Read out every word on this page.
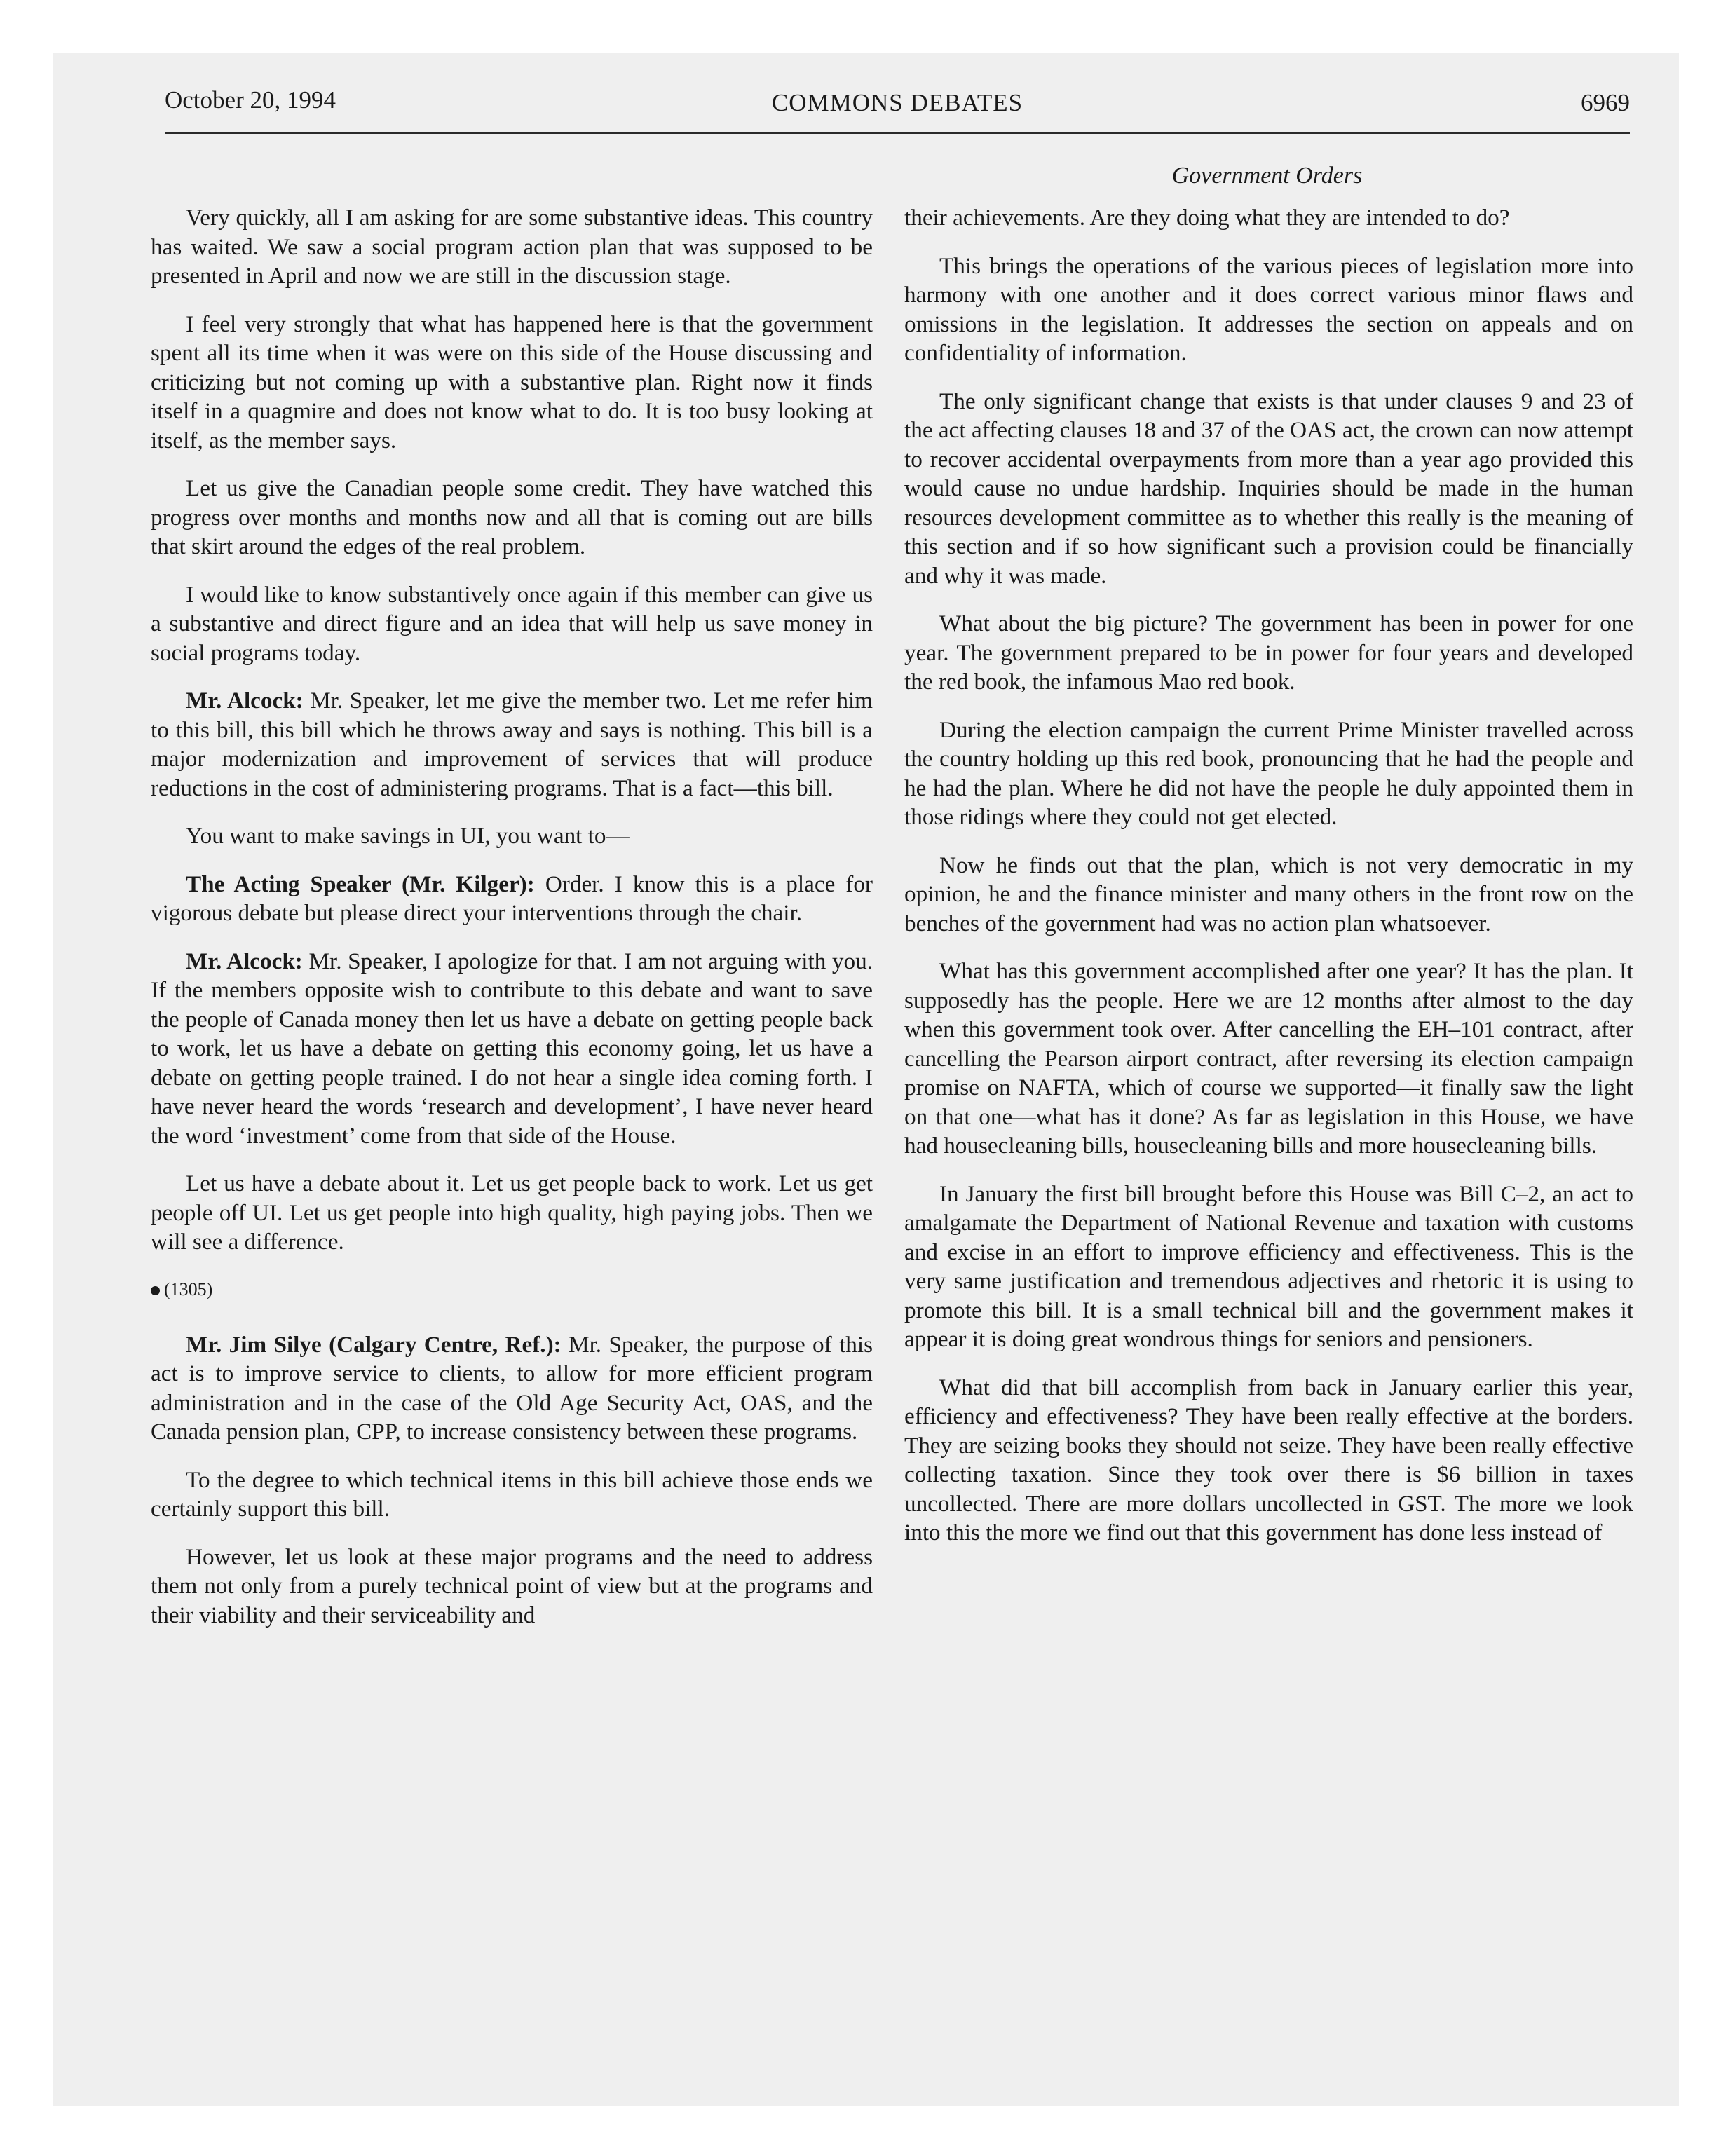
October 20, 1994	COMMONS DEBATES	6969
Government Orders

Very quickly, all I am asking for are some substantive ideas. This country has waited. We saw a social program action plan that was supposed to be presented in April and now we are still in the discussion stage.

I feel very strongly that what has happened here is that the government spent all its time when it was were on this side of the House discussing and criticizing but not coming up with a substantive plan. Right now it finds itself in a quagmire and does not know what to do. It is too busy looking at itself, as the member says.

Let us give the Canadian people some credit. They have watched this progress over months and months now and all that is coming out are bills that skirt around the edges of the real problem.

I would like to know substantively once again if this member can give us a substantive and direct figure and an idea that will help us save money in social programs today.

Mr. Alcock: Mr. Speaker, let me give the member two. Let me refer him to this bill, this bill which he throws away and says is nothing. This bill is a major modernization and improvement of services that will produce reductions in the cost of administering programs. That is a fact—this bill.

You want to make savings in UI, you want to—

The Acting Speaker (Mr. Kilger): Order. I know this is a place for vigorous debate but please direct your interventions through the chair.

Mr. Alcock: Mr. Speaker, I apologize for that. I am not arguing with you. If the members opposite wish to contribute to this debate and want to save the people of Canada money then let us have a debate on getting people back to work, let us have a debate on getting this economy going, let us have a debate on getting people trained. I do not hear a single idea coming forth. I have never heard the words ‘research and development’, I have never heard the word ‘investment’ come from that side of the House.

Let us have a debate about it. Let us get people back to work. Let us get people off UI. Let us get people into high quality, high paying jobs. Then we will see a difference.

(1305)

Mr. Jim Silye (Calgary Centre, Ref.): Mr. Speaker, the purpose of this act is to improve service to clients, to allow for more efficient program administration and in the case of the Old Age Security Act, OAS, and the Canada pension plan, CPP, to increase consistency between these programs.

To the degree to which technical items in this bill achieve those ends we certainly support this bill.

However, let us look at these major programs and the need to address them not only from a purely technical point of view but at the programs and their viability and their serviceability and

their achievements. Are they doing what they are intended to do?

This brings the operations of the various pieces of legislation more into harmony with one another and it does correct various minor flaws and omissions in the legislation. It addresses the section on appeals and on confidentiality of information.

The only significant change that exists is that under clauses 9 and 23 of the act affecting clauses 18 and 37 of the OAS act, the crown can now attempt to recover accidental overpayments from more than a year ago provided this would cause no undue hardship. Inquiries should be made in the human resources development committee as to whether this really is the meaning of this section and if so how significant such a provision could be financially and why it was made.

What about the big picture? The government has been in power for one year. The government prepared to be in power for four years and developed the red book, the infamous Mao red book.

During the election campaign the current Prime Minister travelled across the country holding up this red book, pronouncing that he had the people and he had the plan. Where he did not have the people he duly appointed them in those ridings where they could not get elected.

Now he finds out that the plan, which is not very democratic in my opinion, he and the finance minister and many others in the front row on the benches of the government had was no action plan whatsoever.

What has this government accomplished after one year? It has the plan. It supposedly has the people. Here we are 12 months after almost to the day when this government took over. After cancelling the EH–101 contract, after cancelling the Pearson airport contract, after reversing its election campaign promise on NAFTA, which of course we supported—it finally saw the light on that one—what has it done? As far as legislation in this House, we have had housecleaning bills, housecleaning bills and more housecleaning bills.

In January the first bill brought before this House was Bill C–2, an act to amalgamate the Department of National Revenue and taxation with customs and excise in an effort to improve efficiency and effectiveness. This is the very same justification and tremendous adjectives and rhetoric it is using to promote this bill. It is a small technical bill and the government makes it appear it is doing great wondrous things for seniors and pensioners.

What did that bill accomplish from back in January earlier this year, efficiency and effectiveness? They have been really effective at the borders. They are seizing books they should not seize. They have been really effective collecting taxation. Since they took over there is $6 billion in taxes uncollected. There are more dollars uncollected in GST. The more we look into this the more we find out that this government has done less instead of
